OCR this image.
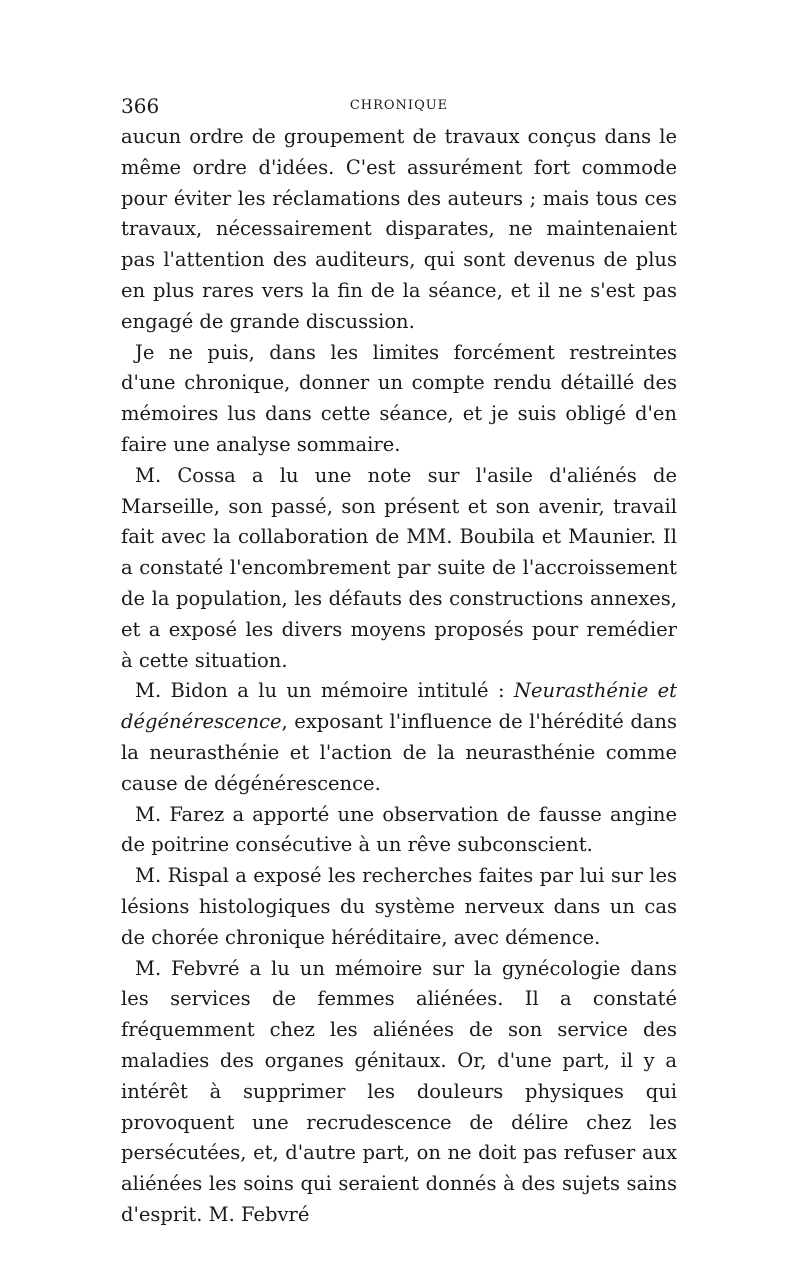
366	CHRONIQUE

aucun ordre de groupement de travaux conçus dans le même ordre d'idées. C'est assurément fort commode pour éviter les réclamations des auteurs ; mais tous ces travaux, nécessairement disparates, ne maintenaient pas l'attention des auditeurs, qui sont devenus de plus en plus rares vers la fin de la séance, et il ne s'est pas engagé de grande discussion.

Je ne puis, dans les limites forcément restreintes d'une chronique, donner un compte rendu détaillé des mémoires lus dans cette séance, et je suis obligé d'en faire une analyse sommaire.

M. Cossa a lu une note sur l'asile d'aliénés de Marseille, son passé, son présent et son avenir, travail fait avec la collaboration de MM. Boubila et Maunier. Il a constaté l'encombrement par suite de l'accroissement de la population, les défauts des constructions annexes, et a exposé les divers moyens proposés pour remédier à cette situation.

M. Bidon a lu un mémoire intitulé : Neurasthénie et dégénérescence, exposant l'influence de l'hérédité dans la neurasthénie et l'action de la neurasthénie comme cause de dégénérescence.

M. Farez a apporté une observation de fausse angine de poitrine consécutive à un rêve subconscient.

M. Rispal a exposé les recherches faites par lui sur les lésions histologiques du système nerveux dans un cas de chorée chronique héréditaire, avec démence.

M. Febvré a lu un mémoire sur la gynécologie dans les services de femmes aliénées. Il a constaté fréquemment chez les aliénées de son service des maladies des organes génitaux. Or, d'une part, il y a intérêt à supprimer les douleurs physiques qui provoquent une recrudescence de délire chez les persécutées, et, d'autre part, on ne doit pas refuser aux aliénées les soins qui seraient donnés à des sujets sains d'esprit. M. Febvré
